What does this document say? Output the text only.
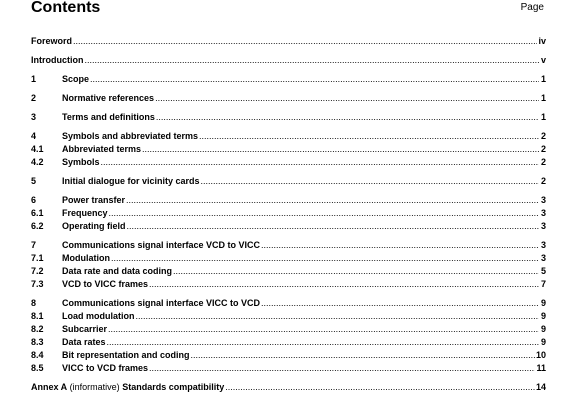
Contents	Page
Foreword .....	iv
Introduction .....	v
1	Scope .....	1
2	Normative references .....	1
3	Terms and definitions .....	1
4	Symbols and abbreviated terms .....	2
4.1	Abbreviated terms .....	2
4.2	Symbols .....	2
5	Initial dialogue for vicinity cards .....	2
6	Power transfer .....	3
6.1	Frequency .....	3
6.2	Operating field .....	3
7	Communications signal interface VCD to VICC .....	3
7.1	Modulation .....	3
7.2	Data rate and data coding .....	5
7.3	VCD to VICC frames .....	7
8	Communications signal interface VICC to VCD .....	9
8.1	Load modulation .....	9
8.2	Subcarrier .....	9
8.3	Data rates .....	9
8.4	Bit representation and coding .....	10
8.5	VICC to VCD frames .....	11
Annex A (informative) Standards compatibility .....	14
